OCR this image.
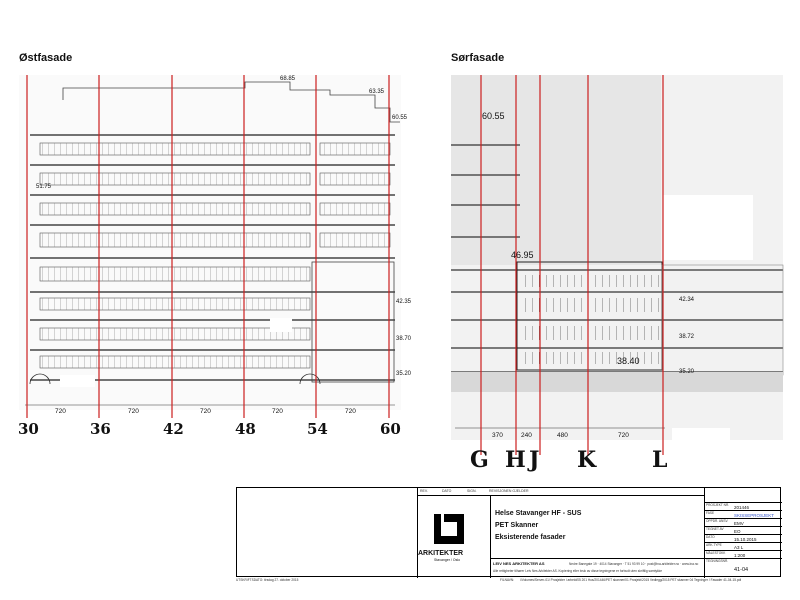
Østfasade	Sørfasade
30	36	42	48	54	60
720	720	720	720	720
68.85
63.35
60.55
51.75
42.35
38.70
35.20
G H J K	L
370	240	480	720
60.55
46.95
38.40
42.34
38.72
35.20
REV.	DATO	SIGN.	REVISJONEN GJELDER
ARKITEKTER
Stavanger / Oslo
Helse Stavanger HF - SUS
PET Skanner
Eksisterende fasader
LEIV NES ARKITEKTER AS	Nedre Banegate 19 · 4014 Stavanger · T 51 93 99 10 · post@lna-arkitekter.no · www.lna.no
Alle rettigheter tilhører Leiv Nes Arkitekter AS. Kopiering eller bruk av disse tegningene er forbudt uten skriftlig samtykke
PROSJEKT NR. 201446
FASE	SKISSEPROSJEKT
OPPDR. ANSV. EMV
TEGNET AV EO
DATO	15.10.2015
ARK.TYPE	A3 L
MÅLESTOKK 1:200
TEGNINGSNR.
41-04
UTSKRIFTSDATO: tirsdag 27. oktober 2015	FILNAVN: //Volumes/Server-01/ Prosjekter i arbeid/05 201 Hus/201446/PET skanner/01 Prosjekt/2015 Vedlegg/2015 PET skanner 04 Tegninger / Fasader 41-04-15.pdf
